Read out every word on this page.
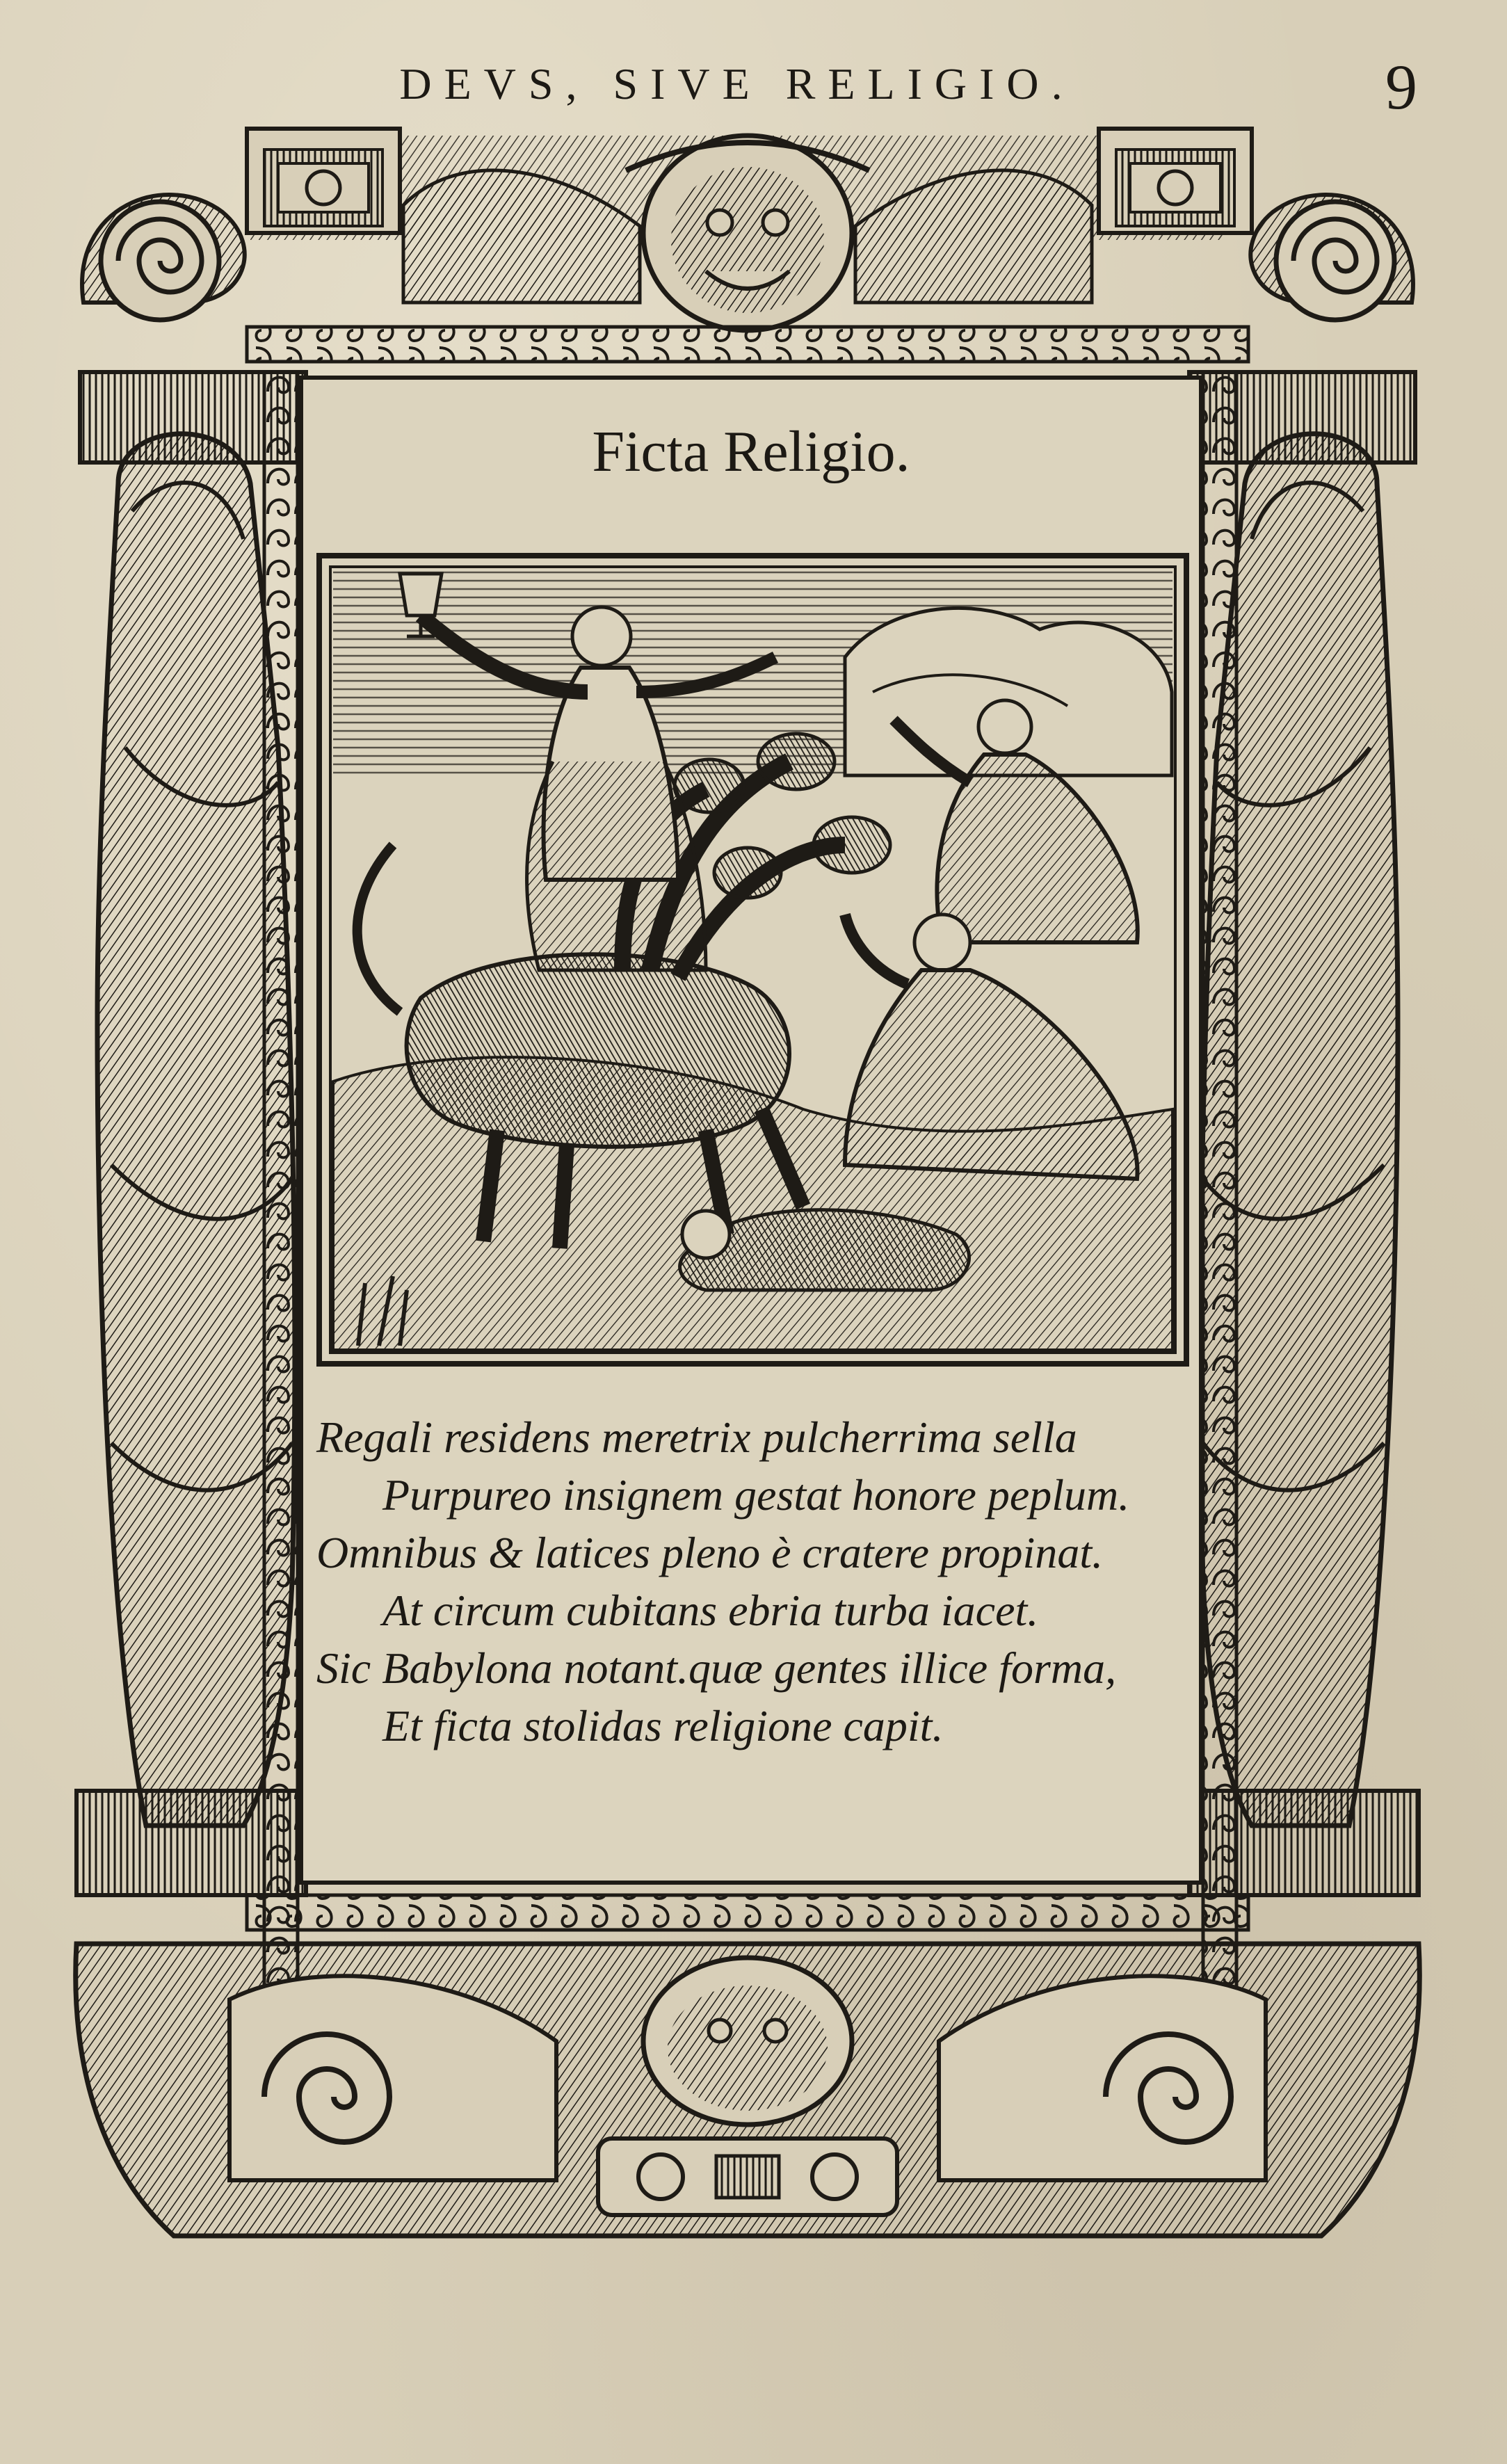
DEVS, SIVE RELIGIO.	9
Ficta Religio.
Regali residens meretrix pulcherrima sella
Purpureo insignem gestat honore peplum.
Omnibus & latices pleno è cratere propinat.
At circum cubitans ebria turba iacet.
Sic Babylona notant.quæ gentes illice forma,
Et ficta stolidas religione capit.
